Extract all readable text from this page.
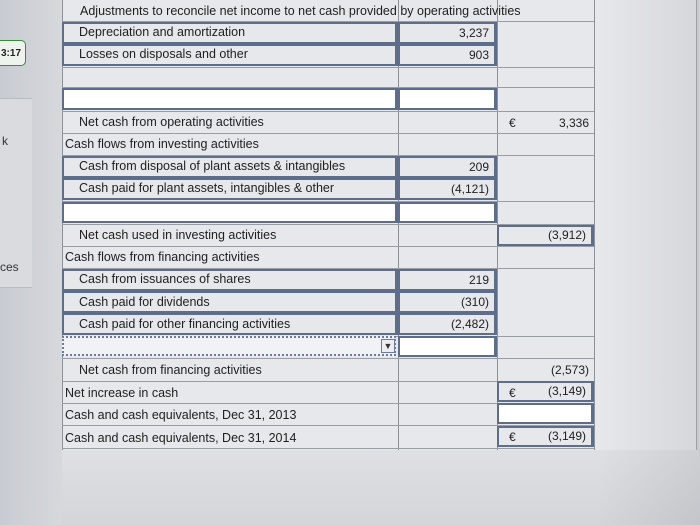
3:17
k
ces
Adjustments to reconcile net income to net cash provided by operating activities
Depreciation and amortization	3,237
Losses on disposals and other	903
Net cash from operating activities	€	3,336
Cash flows from investing activities
Cash from disposal of plant assets & intangibles	209
Cash paid for plant assets, intangibles & other	(4,121)
Net cash used in investing activities	(3,912)
Cash flows from financing activities
Cash from issuances of shares	219
Cash paid for dividends	(310)
Cash paid for other financing activities	(2,482)
▼
Net cash from financing activities	(2,573)
Net increase in cash	€	(3,149)
Cash and cash equivalents, Dec 31, 2013
Cash and cash equivalents, Dec 31, 2014	€	(3,149)
